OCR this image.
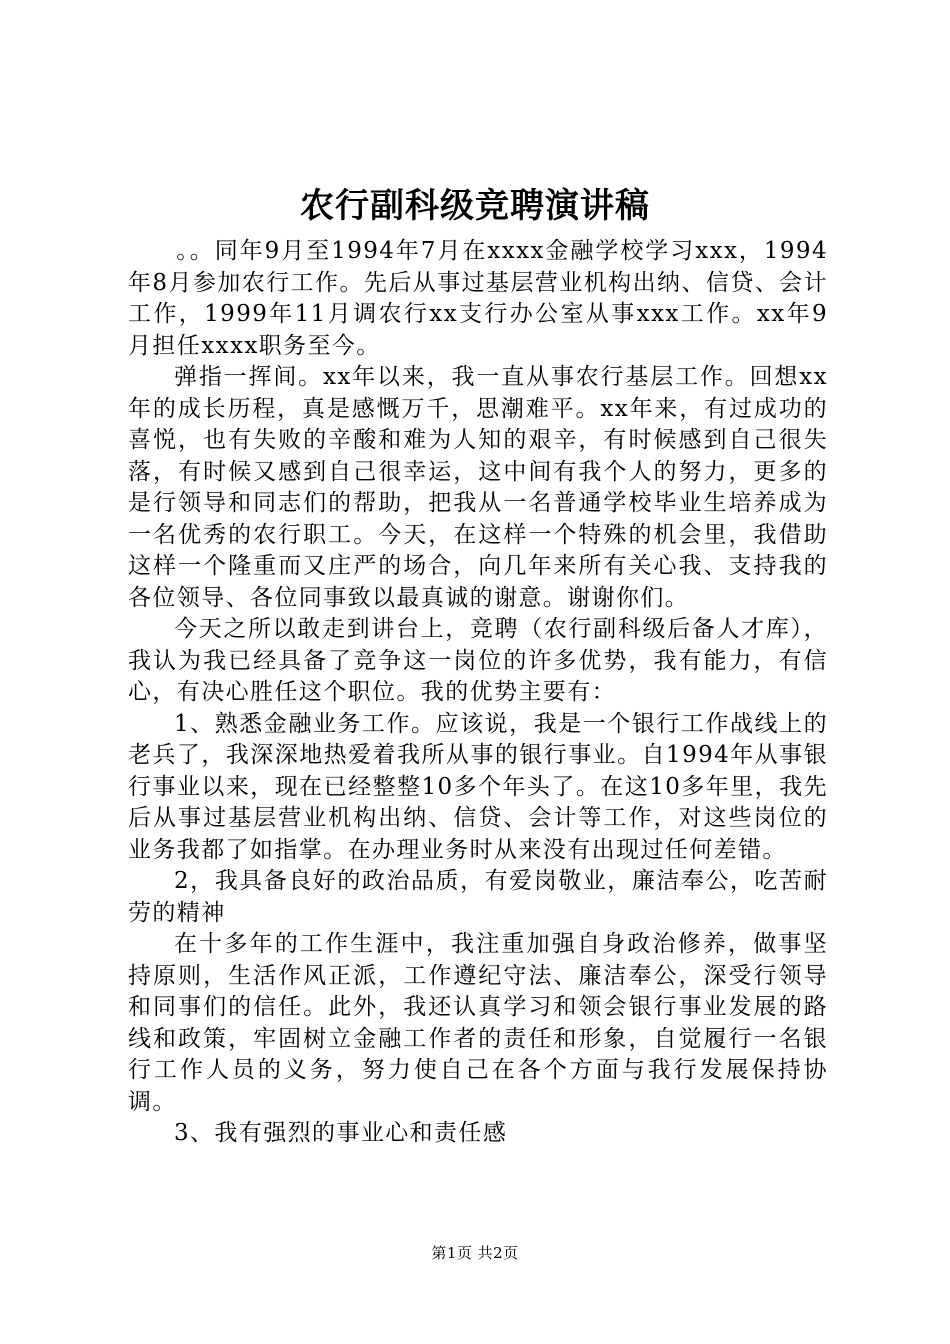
农行副科级竞聘演讲稿

。。同年9月至1994年7月在xxxx金融学校学习xxx，1994年8月参加农行工作。先后从事过基层营业机构出纳、信贷、会计工作，1999年11月调农行xx支行办公室从事xxx工作。xx年9月担任xxxx职务至今。

弹指一挥间。xx年以来，我一直从事农行基层工作。回想xx年的成长历程，真是感慨万千，思潮难平。xx年来，有过成功的喜悦，也有失败的辛酸和难为人知的艰辛，有时候感到自己很失落，有时候又感到自己很幸运，这中间有我个人的努力，更多的是行领导和同志们的帮助，把我从一名普通学校毕业生培养成为一名优秀的农行职工。今天，在这样一个特殊的机会里，我借助这样一个隆重而又庄严的场合，向几年来所有关心我、支持我的各位领导、各位同事致以最真诚的谢意。谢谢你们。

今天之所以敢走到讲台上，竞聘（农行副科级后备人才库），我认为我已经具备了竞争这一岗位的许多优势，我有能力，有信心，有决心胜任这个职位。我的优势主要有：

1、熟悉金融业务工作。应该说，我是一个银行工作战线上的老兵了，我深深地热爱着我所从事的银行事业。自1994年从事银行事业以来，现在已经整整10多个年头了。在这10多年里，我先后从事过基层营业机构出纳、信贷、会计等工作，对这些岗位的业务我都了如指掌。在办理业务时从来没有出现过任何差错。

2，我具备良好的政治品质，有爱岗敬业，廉洁奉公，吃苦耐劳的精神

在十多年的工作生涯中，我注重加强自身政治修养，做事坚持原则，生活作风正派，工作遵纪守法、廉洁奉公，深受行领导和同事们的信任。此外，我还认真学习和领会银行事业发展的路线和政策，牢固树立金融工作者的责任和形象，自觉履行一名银行工作人员的义务，努力使自己在各个方面与我行发展保持协调。

3、我有强烈的事业心和责任感

第1页 共2页
